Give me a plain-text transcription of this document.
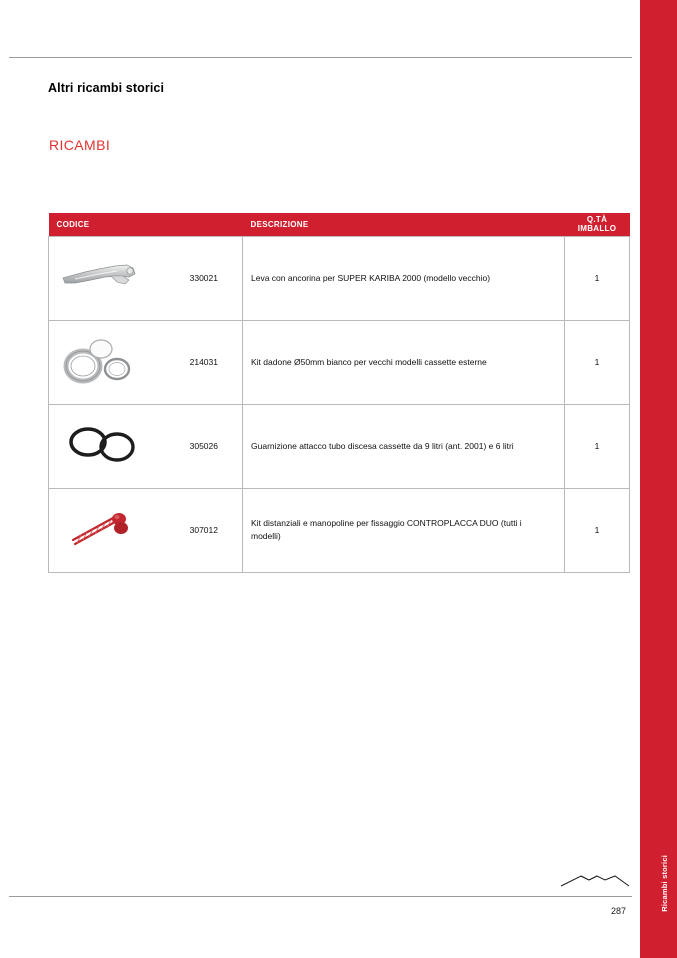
Altri ricambi storici
RICAMBI
CODICE		DESCRIZIONE	Q.TÀ
IMBALLO

	330021	Leva con ancorina per SUPER KARIBA 2000 (modello vecchio)	1
	214031	Kit dadone Ø50mm bianco per vecchi modelli cassette esterne	1
	305026	Guarnizione attacco tubo discesa cassette da 9 litri (ant. 2001) e 6 litri	1
	307012	Kit distanziali e manopoline per fissaggio CONTROPLACCA DUO (tutti i modelli)	1
287	Ricambi storici
